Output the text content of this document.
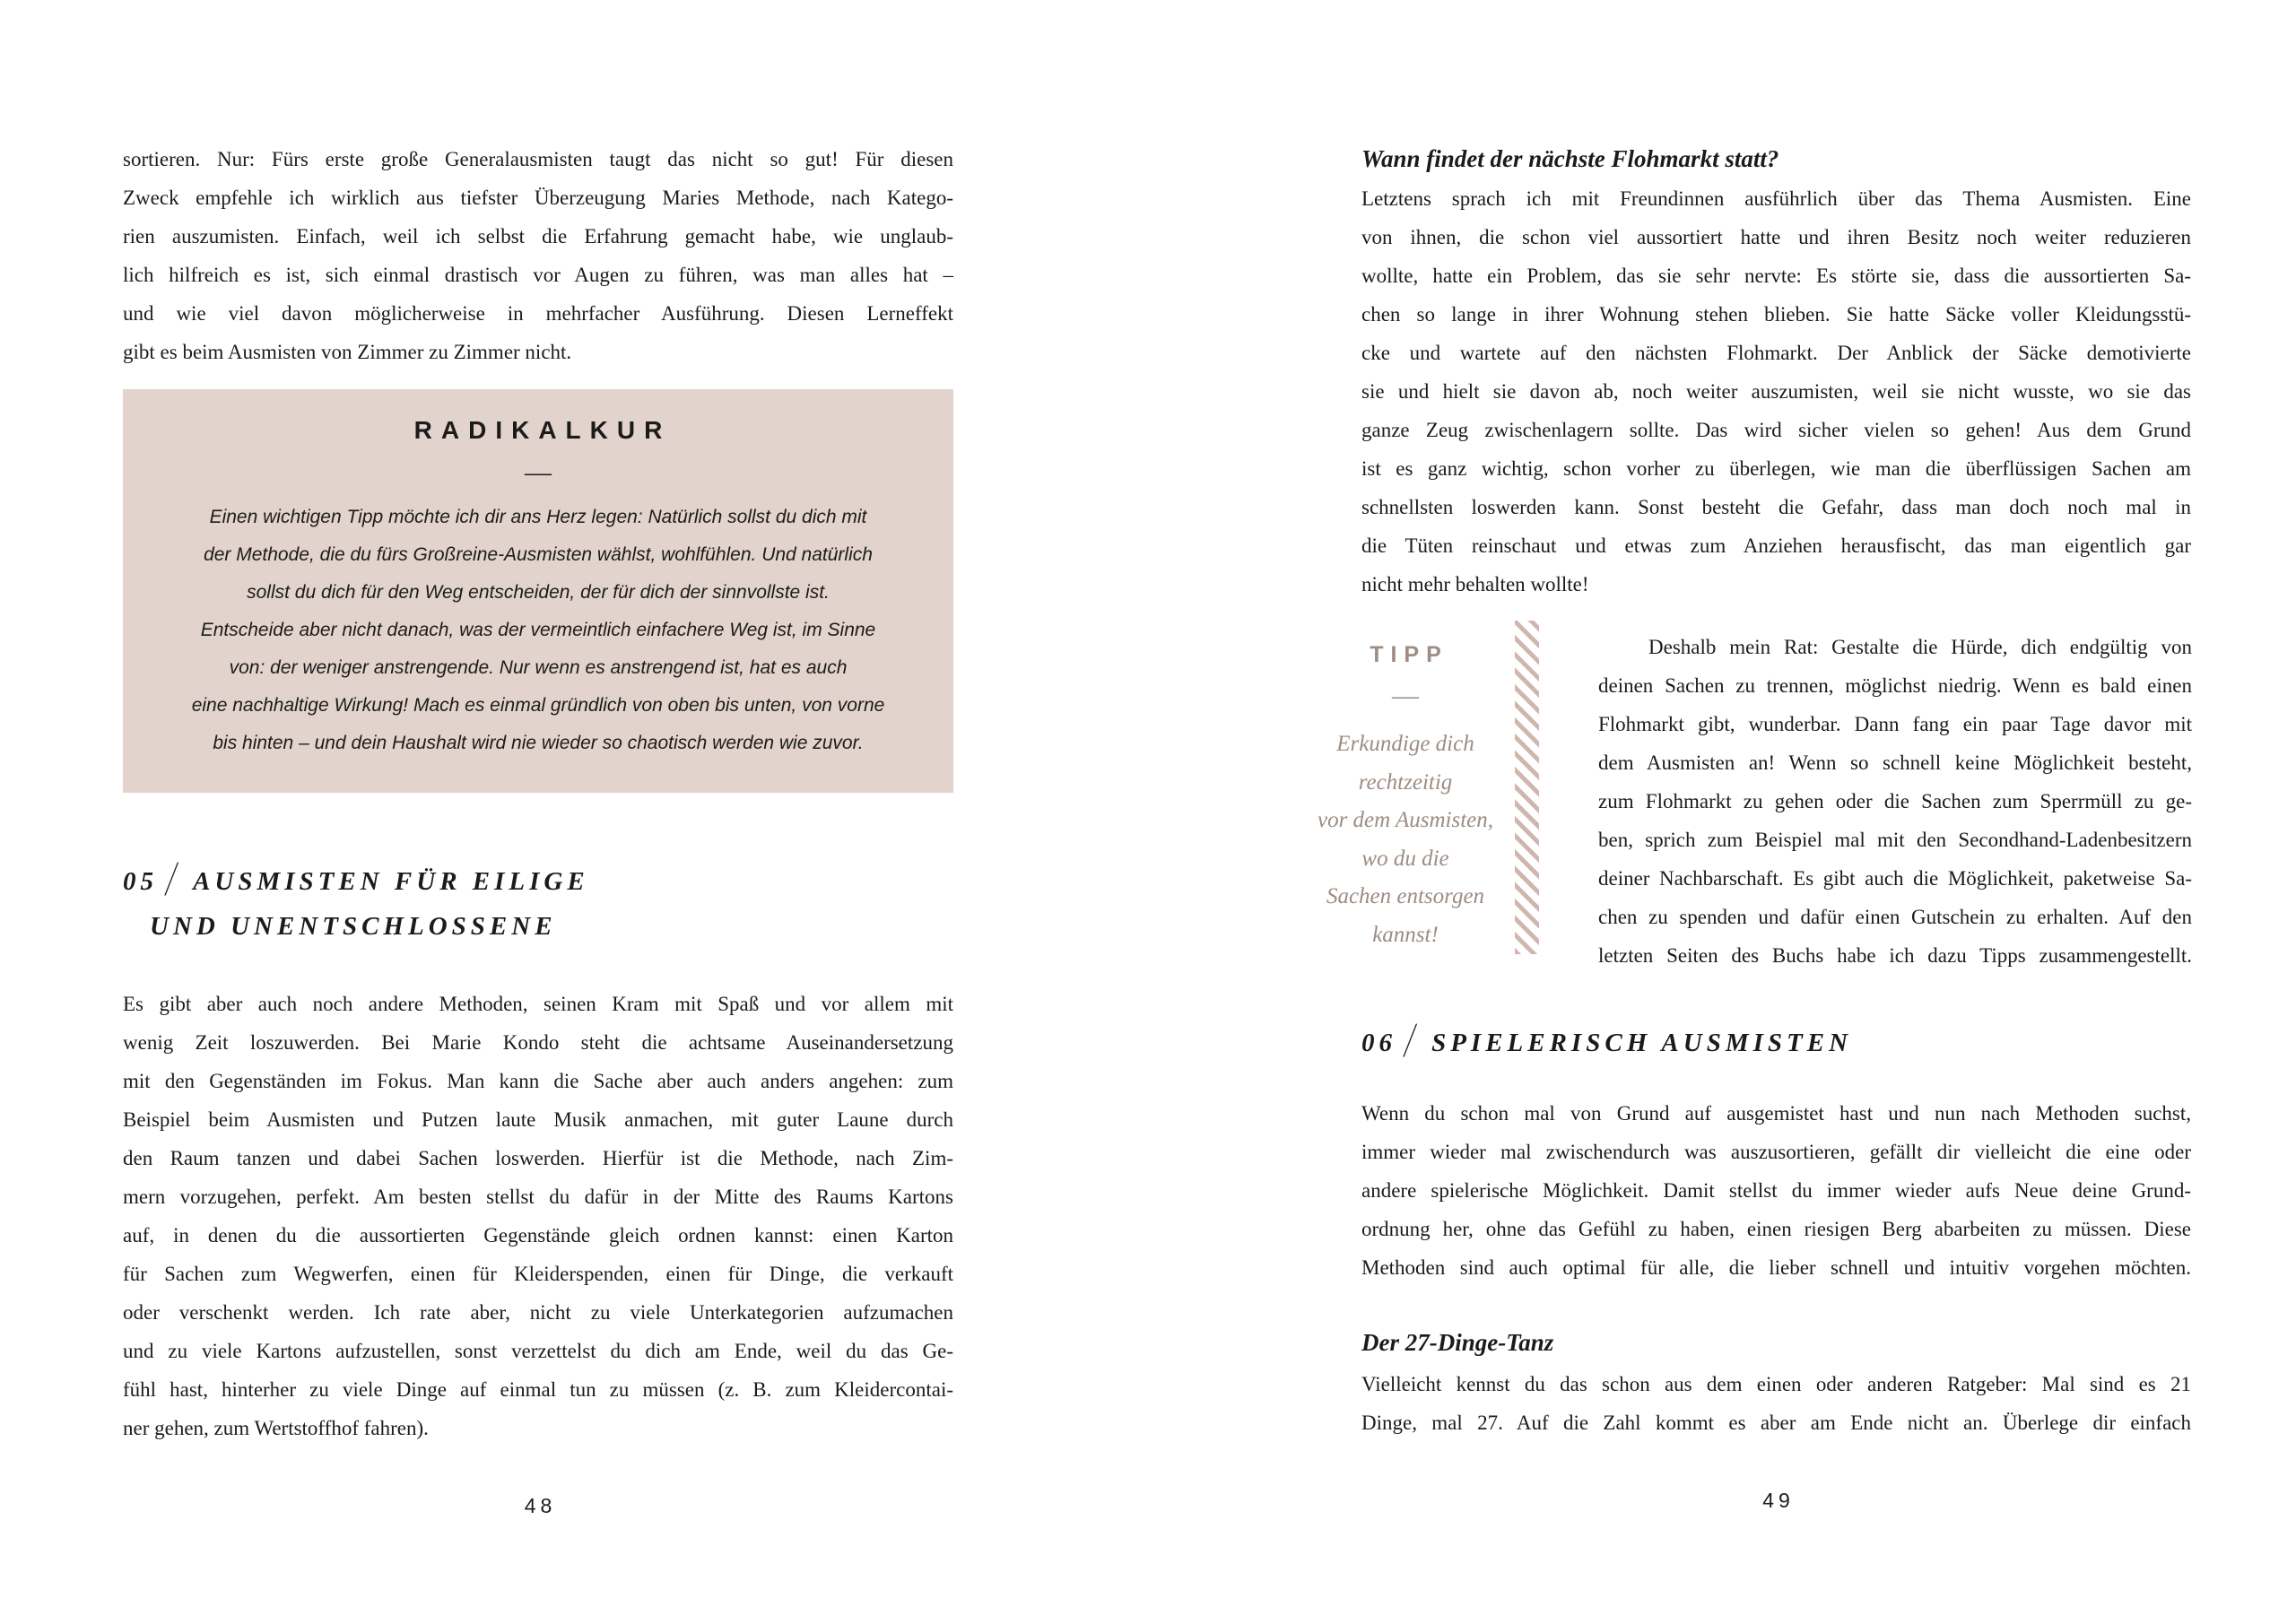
sortieren. Nur: Fürs erste große Generalausmisten taugt das nicht so gut! Für diesen
Zweck empfehle ich wirklich aus tiefster Überzeugung Maries Methode, nach Katego-
rien auszumisten. Einfach, weil ich selbst die Erfahrung gemacht habe, wie unglaub-
lich hilfreich es ist, sich einmal drastisch vor Augen zu führen, was man alles hat –
und wie viel davon möglicherweise in mehrfacher Ausführung. Diesen Lerneffekt
gibt es beim Ausmisten von Zimmer zu Zimmer nicht.
RADIKALKUR
—
Einen wichtigen Tipp möchte ich dir ans Herz legen: Natürlich sollst du dich mit
der Methode, die du fürs Großreine-Ausmisten wählst, wohlfühlen. Und natürlich
sollst du dich für den Weg entscheiden, der für dich der sinnvollste ist.
Entscheide aber nicht danach, was der vermeintlich einfachere Weg ist, im Sinne
von: der weniger anstrengende. Nur wenn es anstrengend ist, hat es auch
eine nachhaltige Wirkung! Mach es einmal gründlich von oben bis unten, von vorne
bis hinten – und dein Haushalt wird nie wieder so chaotisch werden wie zuvor.
05 / AUSMISTEN FÜR EILIGE
UND UNENTSCHLOSSENE
Es gibt aber auch noch andere Methoden, seinen Kram mit Spaß und vor allem mit
wenig Zeit loszuwerden. Bei Marie Kondo steht die achtsame Auseinandersetzung
mit den Gegenständen im Fokus. Man kann die Sache aber auch anders angehen: zum
Beispiel beim Ausmisten und Putzen laute Musik anmachen, mit guter Laune durch
den Raum tanzen und dabei Sachen loswerden. Hierfür ist die Methode, nach Zim-
mern vorzugehen, perfekt. Am besten stellst du dafür in der Mitte des Raums Kartons
auf, in denen du die aussortierten Gegenstände gleich ordnen kannst: einen Karton
für Sachen zum Wegwerfen, einen für Kleiderspenden, einen für Dinge, die verkauft
oder verschenkt werden. Ich rate aber, nicht zu viele Unterkategorien aufzumachen
und zu viele Kartons aufzustellen, sonst verzettelst du dich am Ende, weil du das Ge-
fühl hast, hinterher zu viele Dinge auf einmal tun zu müssen (z. B. zum Kleidercontai-
ner gehen, zum Wertstoffhof fahren).
48
Wann findet der nächste Flohmarkt statt?
Letztens sprach ich mit Freundinnen ausführlich über das Thema Ausmisten. Eine
von ihnen, die schon viel aussortiert hatte und ihren Besitz noch weiter reduzieren
wollte, hatte ein Problem, das sie sehr nervte: Es störte sie, dass die aussortierten Sa-
chen so lange in ihrer Wohnung stehen blieben. Sie hatte Säcke voller Kleidungsstü-
cke und wartete auf den nächsten Flohmarkt. Der Anblick der Säcke demotivierte
sie und hielt sie davon ab, noch weiter auszumisten, weil sie nicht wusste, wo sie das
ganze Zeug zwischenlagern sollte. Das wird sicher vielen so gehen! Aus dem Grund
ist es ganz wichtig, schon vorher zu überlegen, wie man die überflüssigen Sachen am
schnellsten loswerden kann. Sonst besteht die Gefahr, dass man doch noch mal in
die Tüten reinschaut und etwas zum Anziehen herausfischt, das man eigentlich gar
nicht mehr behalten wollte!
TIPP
—
Erkundige dich
rechtzeitig
vor dem Ausmisten,
wo du die
Sachen entsorgen
kannst!
Deshalb mein Rat: Gestalte die Hürde, dich endgültig von
deinen Sachen zu trennen, möglichst niedrig. Wenn es bald einen
Flohmarkt gibt, wunderbar. Dann fang ein paar Tage davor mit
dem Ausmisten an! Wenn so schnell keine Möglichkeit besteht,
zum Flohmarkt zu gehen oder die Sachen zum Sperrmüll zu ge-
ben, sprich zum Beispiel mal mit den Secondhand-Ladenbesitzern
deiner Nachbarschaft. Es gibt auch die Möglichkeit, paketweise Sa-
chen zu spenden und dafür einen Gutschein zu erhalten. Auf den
letzten Seiten des Buchs habe ich dazu Tipps zusammengestellt.
06 / SPIELERISCH AUSMISTEN
Wenn du schon mal von Grund auf ausgemistet hast und nun nach Methoden suchst,
immer wieder mal zwischendurch was auszusortieren, gefällt dir vielleicht die eine oder
andere spielerische Möglichkeit. Damit stellst du immer wieder aufs Neue deine Grund-
ordnung her, ohne das Gefühl zu haben, einen riesigen Berg abarbeiten zu müssen. Diese
Methoden sind auch optimal für alle, die lieber schnell und intuitiv vorgehen möchten.
Der 27-Dinge-Tanz
Vielleicht kennst du das schon aus dem einen oder anderen Ratgeber: Mal sind es 21
Dinge, mal 27. Auf die Zahl kommt es aber am Ende nicht an. Überlege dir einfach
49
